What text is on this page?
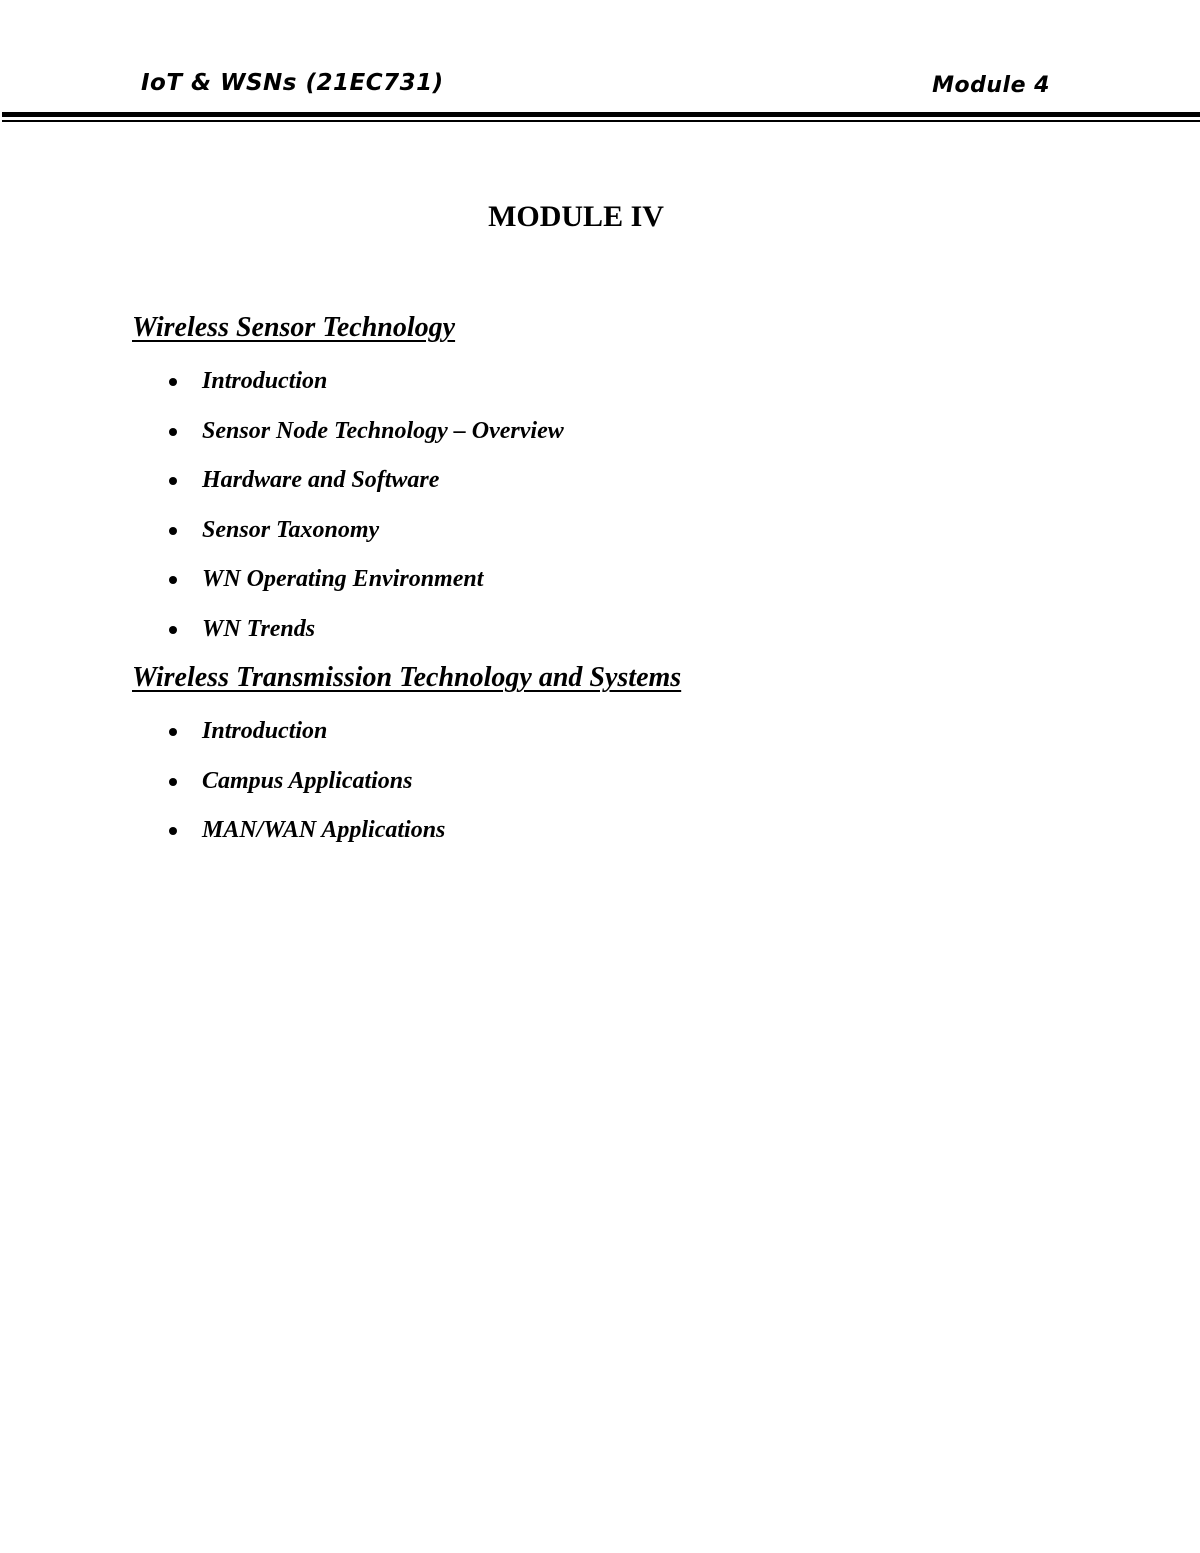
IoT & WSNs (21EC731)	Module 4
MODULE IV
Wireless Sensor Technology
Introduction
Sensor Node Technology – Overview
Hardware and Software
Sensor Taxonomy
WN Operating Environment
WN Trends
Wireless Transmission Technology and Systems
Introduction
Campus Applications
MAN/WAN Applications
